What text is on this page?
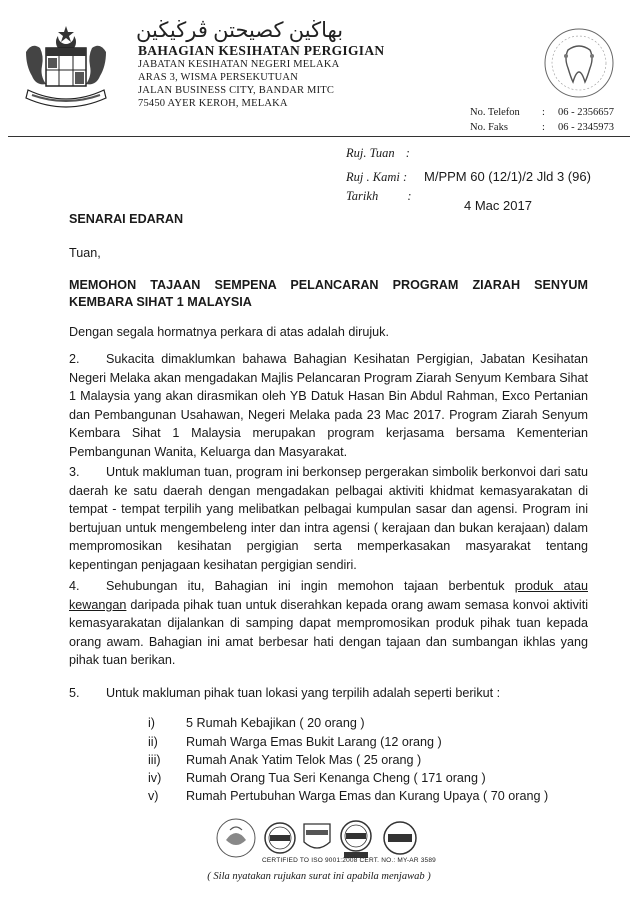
بهاڬين كصيحتن ڤرڬيڬين
BAHAGIAN KESIHATAN PERGIGIAN
JABATAN KESIHATAN NEGERI MELAKA
ARAS 3, WISMA PERSEKUTUAN
JALAN BUSINESS CITY, BANDAR MITC
75450 AYER KEROH, MELAKA
No. Telefon : 06 - 2356657
No. Faks	: 06 - 2345973
Ruj. Tuan :
Ruj . Kami : M/PPM 60 (12/1)/2 Jld 3 (96)
Tarikh :
4 Mac 2017
SENARAI EDARAN
Tuan,
MEMOHON TAJAAN SEMPENA PELANCARAN PROGRAM ZIARAH SENYUM KEMBARA SIHAT 1 MALAYSIA
Dengan segala hormatnya perkara di atas adalah dirujuk.
2. Sukacita dimaklumkan bahawa Bahagian Kesihatan Pergigian, Jabatan Kesihatan Negeri Melaka akan mengadakan Majlis Pelancaran Program Ziarah Senyum Kembara Sihat 1 Malaysia yang akan dirasmikan oleh YB Datuk Hasan Bin Abdul Rahman, Exco Pertanian dan Pembangunan Usahawan, Negeri Melaka pada 23 Mac 2017. Program Ziarah Senyum Kembara Sihat 1 Malaysia merupakan program kerjasama bersama Kementerian Pembangunan Wanita, Keluarga dan Masyarakat.
3. Untuk makluman tuan, program ini berkonsep pergerakan simbolik berkonvoi dari satu daerah ke satu daerah dengan mengadakan pelbagai aktiviti khidmat kemasyarakatan di tempat - tempat terpilih yang melibatkan pelbagai kumpulan sasar dan agensi. Program ini bertujuan untuk mengembeleng inter dan intra agensi ( kerajaan dan bukan kerajaan) dalam mempromosikan kesihatan pergigian serta memperkasakan masyarakat tentang kepentingan penjagaan kesihatan pergigian sendiri.
4. Sehubungan itu, Bahagian ini ingin memohon tajaan berbentuk produk atau kewangan daripada pihak tuan untuk diserahkan kepada orang awam semasa konvoi aktiviti kemasyarakatan dijalankan di samping dapat mempromosikan produk pihak tuan kepada orang awam. Bahagian ini amat berbesar hati dengan tajaan dan sumbangan ikhlas yang pihak tuan berikan.
5. Untuk makluman pihak tuan lokasi yang terpilih adalah seperti berikut :
i) 5 Rumah Kebajikan ( 20 orang )
ii) Rumah Warga Emas Bukit Larang (12 orang )
iii) Rumah Anak Yatim Telok Mas ( 25 orang )
iv) Rumah Orang Tua Seri Kenanga Cheng ( 171 orang )
v) Rumah Pertubuhan Warga Emas dan Kurang Upaya ( 70 orang )
CERTIFIED TO ISO 9001:2008 CERT. NO.: MY-AR 3589
( Sila nyatakan rujukan surat ini apabila menjawab )
